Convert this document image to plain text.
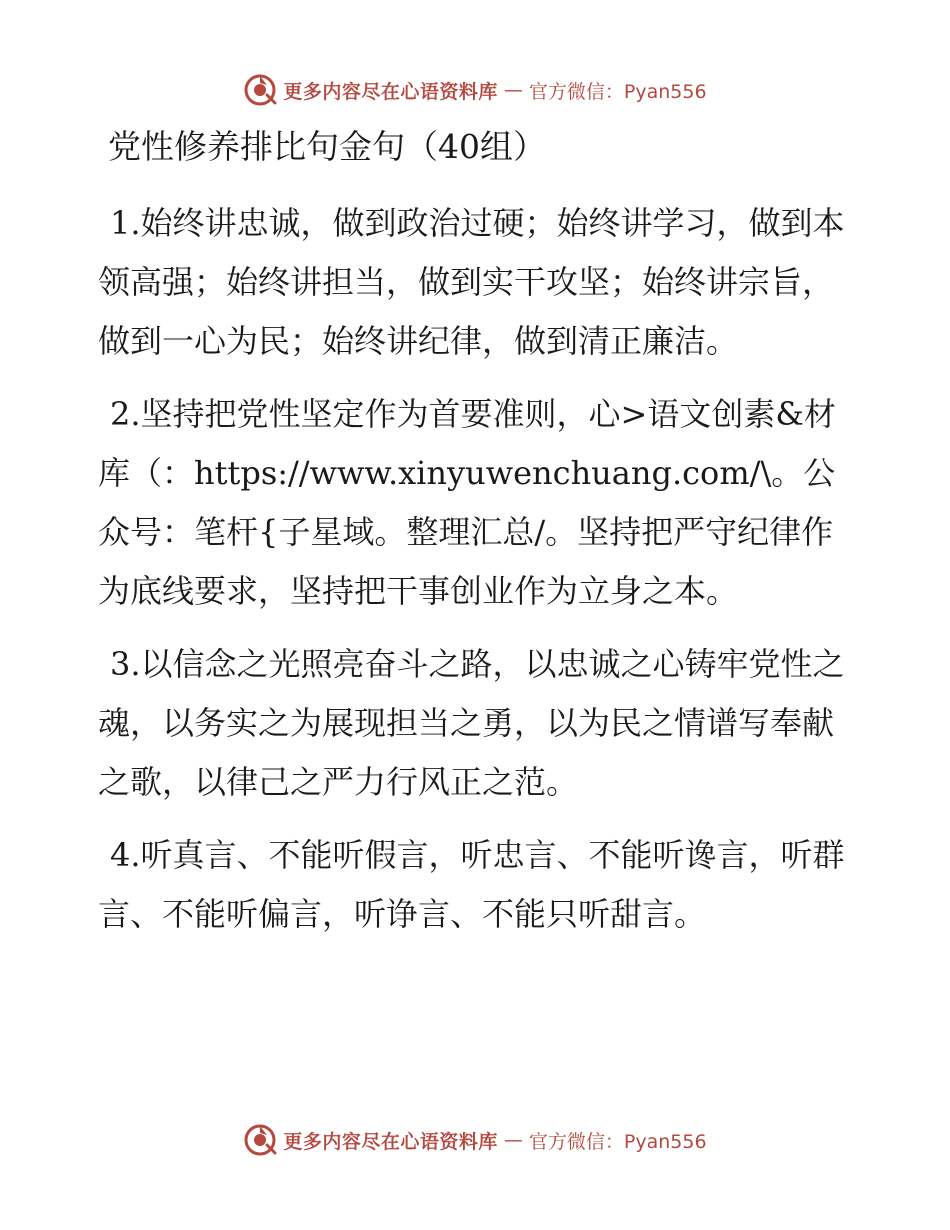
更多内容尽在心语资料库 — 官方微信：Pyan556
党性修养排比句金句（40组）

1.始终讲忠诚，做到政治过硬；始终讲学习，做到本领高强；始终讲担当，做到实干攻坚；始终讲宗旨，做到一心为民；始终讲纪律，做到清正廉洁。

2.坚持把党性坚定作为首要准则，心>语文创素&材库（：https://www.xinyuwenchuang.com/\。公众号：笔杆{子星域。整理汇总/。坚持把严守纪律作为底线要求，坚持把干事创业作为立身之本。

3.以信念之光照亮奋斗之路，以忠诚之心铸牢党性之魂，以务实之为展现担当之勇，以为民之情谱写奉献之歌，以律己之严力行风正之范。

4.听真言、不能听假言，听忠言、不能听谗言，听群言、不能听偏言，听诤言、不能只听甜言。

更多内容尽在心语资料库 — 官方微信：Pyan556
